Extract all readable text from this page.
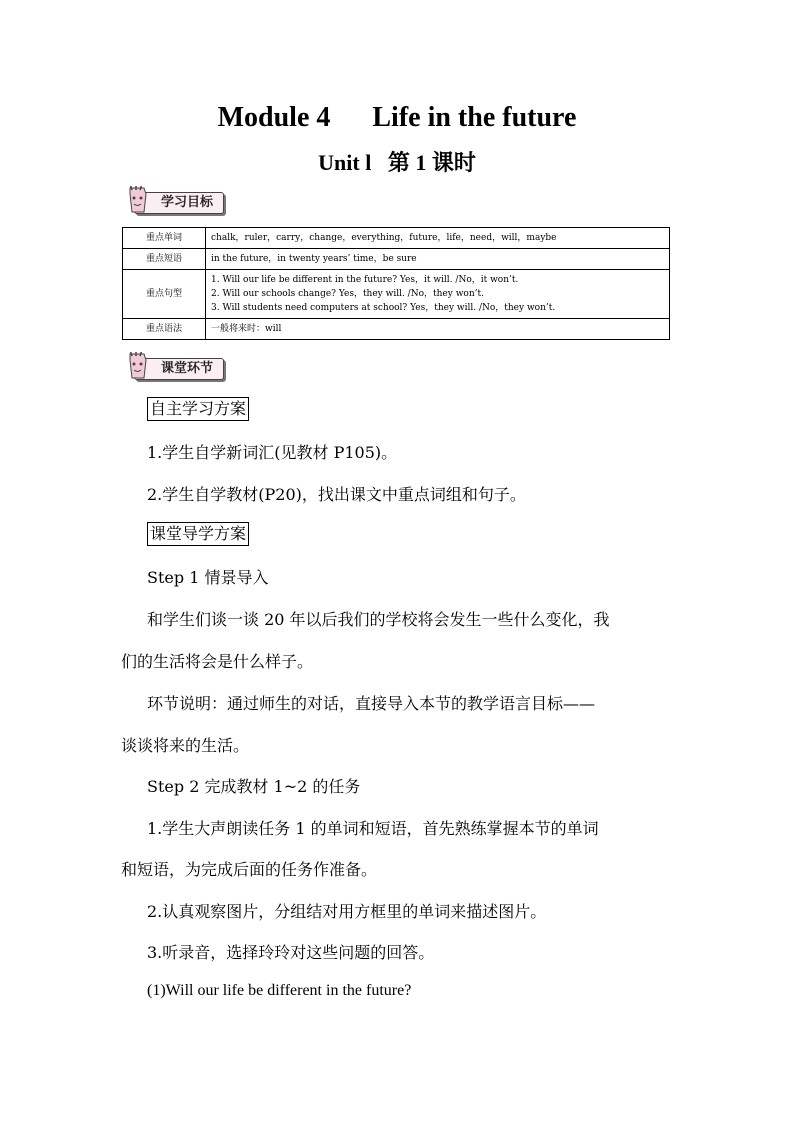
Module 4      Life in the future
Unit l   第 1 课时
学习目标
重点单词	chalk，ruler，carry，change，everything，future，life，need，will，maybe
重点短语	in the future，in twenty years’ time，be sure
重点句型	1. Will our life be different in the future? Yes，it will. /No，it won’t.
2. Will our schools change? Yes，they will. /No，they won’t.
3. Will students need computers at school? Yes，they will. /No，they won’t.

重点语法	一般将来时：will
课堂环节
自主学习方案
1.学生自学新词汇(见教材 P105)。
2.学生自学教材(P20)，找出课文中重点词组和句子。
课堂导学方案
Step 1 情景导入
和学生们谈一谈 20 年以后我们的学校将会发生一些什么变化，我
们的生活将会是什么样子。
环节说明：通过师生的对话，直接导入本节的教学语言目标——
谈谈将来的生活。
Step 2 完成教材 1~2 的任务
1.学生大声朗读任务 1 的单词和短语，首先熟练掌握本节的单词
和短语，为完成后面的任务作准备。
2.认真观察图片，分组结对用方框里的单词来描述图片。
3.听录音，选择玲玲对这些问题的回答。
(1)Will our life be different in the future?
